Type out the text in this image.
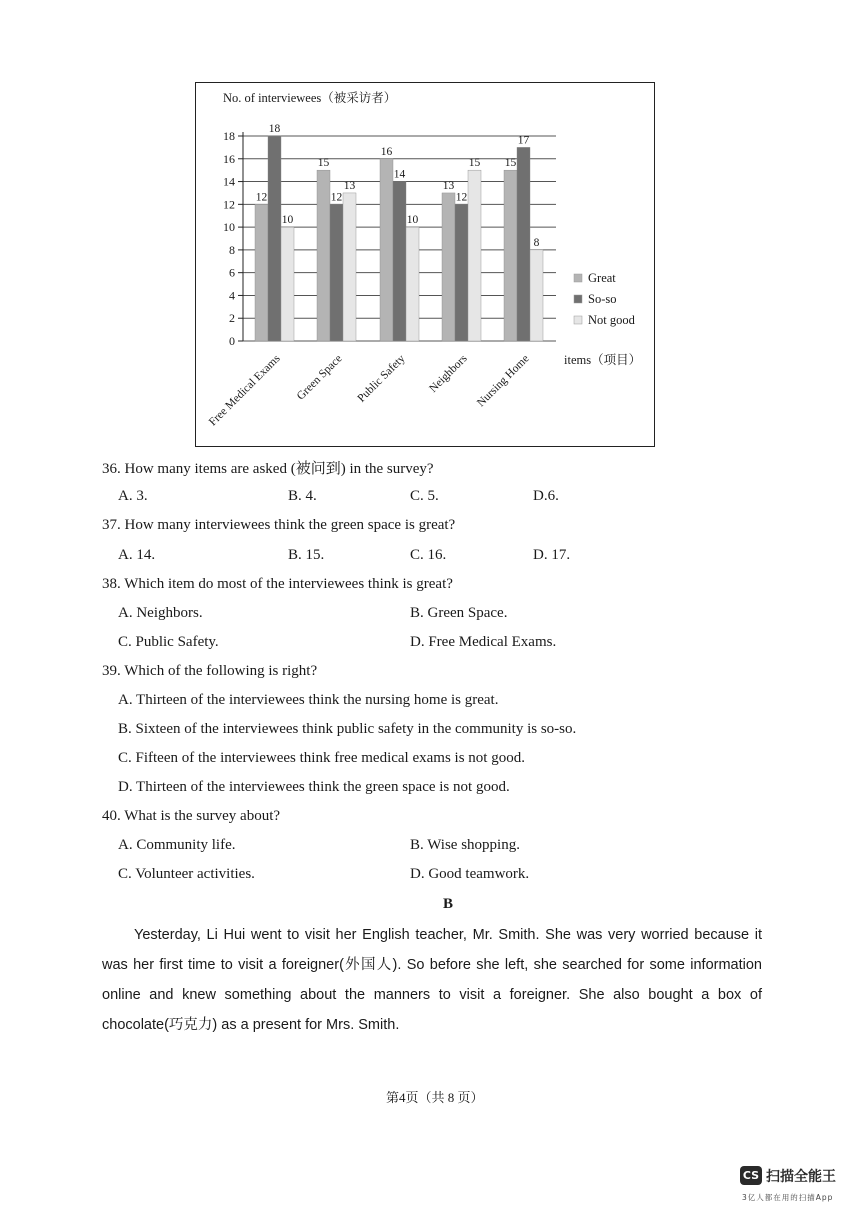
No. of interviewees（被采访者）
0
2
4
6
8
10
12
14
16
18
12
18
10
Free Medical Exams
15
12
13
Green Space
16
14
10
Public Safety
13
12
15
Neighbors
15
17
8
Nursing Home	items（项目）
Great
So-so
Not good
36. How many items are asked (被问到) in the survey?
A. 3.	B. 4.	C. 5.	D.6.
37. How many interviewees think the green space is great?
A. 14.	B. 15.	C. 16.	D. 17.
38. Which item do most of the interviewees think is great?
A. Neighbors.	B. Green Space.
C. Public Safety.	D. Free Medical Exams.
39. Which of the following is right?
A. Thirteen of the interviewees think the nursing home is great.
B. Sixteen of the interviewees think public safety in the community is so-so.
C. Fifteen of the interviewees think free medical exams is not good.
D. Thirteen of the interviewees think the green space is not good.
40. What is the survey about?
A. Community life.	B. Wise shopping.
C. Volunteer activities.	D. Good teamwork.
B
Yesterday, Li Hui went to visit her English teacher, Mr. Smith. She was very worried because it was her first time to visit a foreigner(外国人). So before she left, she searched for some information online and knew something about the manners to visit a foreigner. She also bought a box of chocolate(巧克力) as a present for Mrs. Smith.
第4页（共 8 页）
CS 扫描全能王
3亿人都在用的扫描App
